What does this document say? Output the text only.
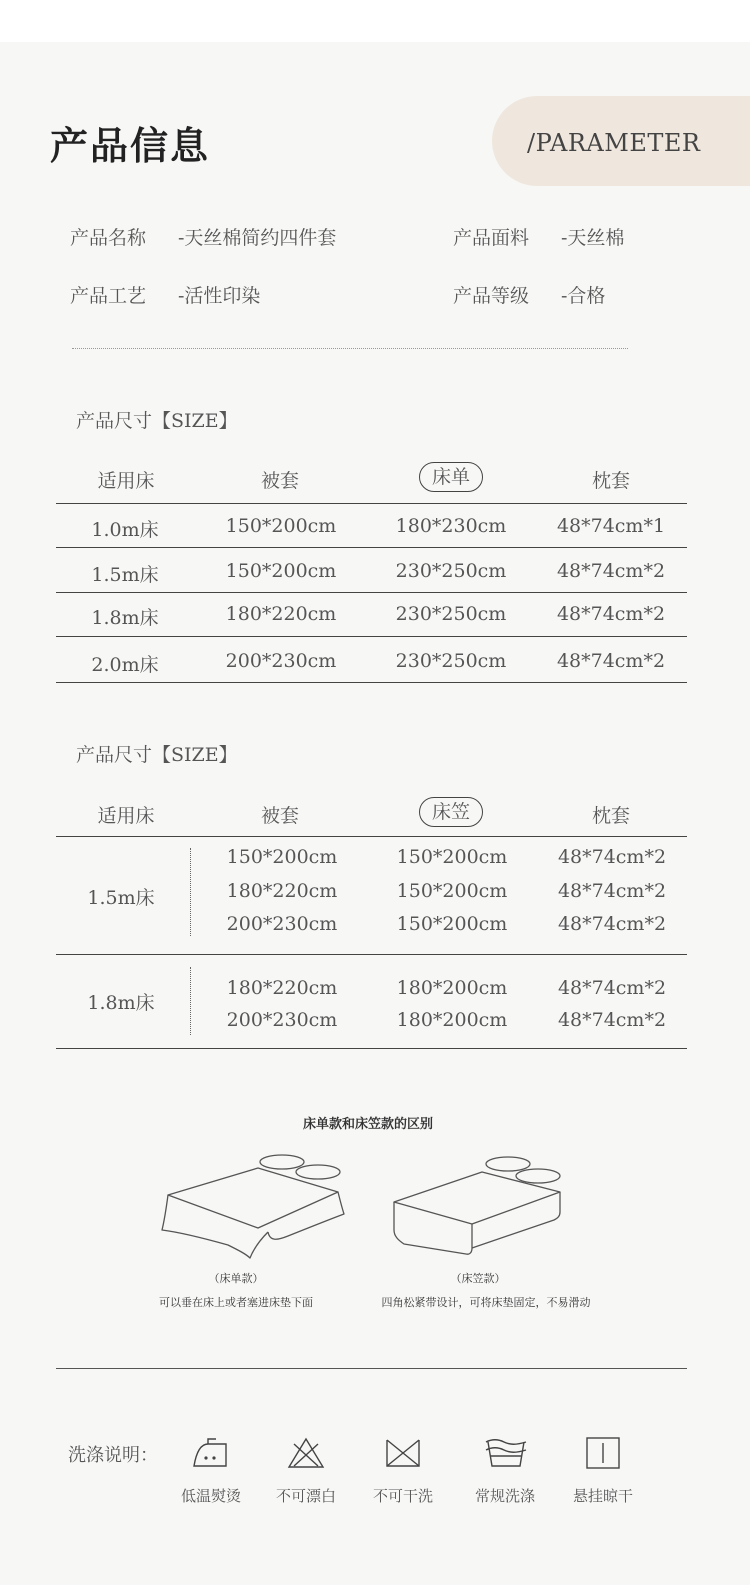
产品信息	/PARAMETER
产品名称 -天丝棉简约四件套	产品面料 -天丝棉
产品工艺 -活性印染	产品等级 -合格
产品尺寸【SIZE】
适用床	被套	床单	枕套
1.0m床	150*200cm	180*230cm	48*74cm*1
1.5m床	150*200cm	230*250cm	48*74cm*2
1.8m床	180*220cm	230*250cm	48*74cm*2
2.0m床	200*230cm	230*250cm	48*74cm*2
产品尺寸【SIZE】
适用床	被套	床笠	枕套
1.5m床
150*200cm	150*200cm	48*74cm*2
180*220cm	150*200cm	48*74cm*2
200*230cm	150*200cm	48*74cm*2
1.8m床
180*220cm	180*200cm	48*74cm*2
200*230cm	180*200cm	48*74cm*2
床单款和床笠款的区别
（床单款）
可以垂在床上或者塞进床垫下面
（床笠款）
四角松紧带设计，可将床垫固定，不易滑动
洗涤说明：
低温熨烫	不可漂白	不可干洗	常规洗涤	悬挂晾干
